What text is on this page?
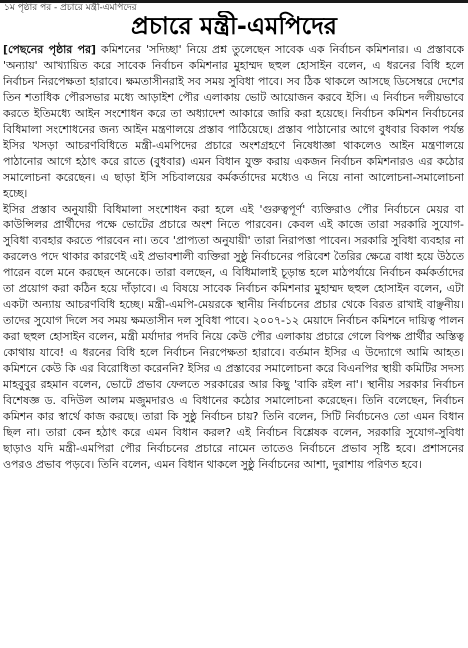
১ম পৃষ্ঠার পর - প্রচারে মন্ত্রী-এমপিদের
প্রচারে মন্ত্রী-এমপিদের

[পেছনের পৃষ্ঠার পর] কমিশনের 'সদিচ্ছা' নিয়ে প্রশ্ন তুলেছেন সাবেক এক নির্বাচন কমিশনার। এ প্রস্তাবকে 'অন্যায়' আখ্যায়িত করে সাবেক নির্বাচন কমিশনার মুহাম্মদ ছহুল হোসাইন বলেন, এ ধরনের বিধি হলে নির্বাচন নিরপেক্ষতা হারাবে। ক্ষমতাসীনরাই সব সময় সুবিধা পাবে। সব ঠিক থাকলে আসছে ডিসেম্বরে দেশের তিন শতাধিক পৌরসভার মধ্যে আড়াইশ পৌর এলাকায় ভোট আয়োজন করবে ইসি। এ নির্বাচন দলীয়ভাবে করতে ইতিমধ্যে আইন সংশোধন করে তা অধ্যাদেশ আকারে জারি করা হয়েছে। নির্বাচন কমিশন নির্বাচনের বিধিমালা সংশোধনের জন্য আইন মন্ত্রণালয়ে প্রস্তাব পাঠিয়েছে। প্রস্তাব পাঠানোর আগে বুধবার বিকাল পর্যন্ত ইসির খসড়া আচরণবিধিতে মন্ত্রী-এমপিদের প্রচারে অংশগ্রহণে নিষেধাজ্ঞা থাকলেও আইন মন্ত্রণালয়ে পাঠানোর আগে হঠাৎ করে রাতে (বুধবার) এমন বিধান যুক্ত করায় একজন নির্বাচন কমিশনারও এর কঠোর সমালোচনা করেছেন। এ ছাড়া ইসি সচিবালয়ের কর্মকর্তাদের মধ্যেও এ নিয়ে নানা আলোচনা-সমালোচনা হচ্ছে।

ইসির প্রস্তাব অনুযায়ী বিধিমালা সংশোধন করা হলে এই 'গুরুত্বপূর্ণ' ব্যক্তিরাও পৌর নির্বাচনে মেয়র বা কাউন্সিলর প্রার্থীদের পক্ষে ভোটের প্রচারে অংশ নিতে পারবেন। কেবল এই কাজে তারা সরকারি সুযোগ-সুবিধা ব্যবহার করতে পারবেন না। তবে 'প্রাপ্যতা অনুযায়ী' তারা নিরাপত্তা পাবেন। সরকারি সুবিধা ব্যবহার না করলেও পদে থাকার কারণেই এই প্রভাবশালী ব্যক্তিরা সুষ্ঠু নির্বাচনের পরিবেশ তৈরির ক্ষেত্রে বাধা হয়ে উঠতে পারেন বলে মনে করছেন অনেকে। তারা বলছেন, এ বিধিমালাই চূড়ান্ত হলে মাঠপর্যায়ে নির্বাচন কর্মকর্তাদের তা প্রয়োগ করা কঠিন হয়ে দাঁড়াবে। এ বিষয়ে সাবেক নির্বাচন কমিশনার মুহাম্মদ ছহুল হোসাইন বলেন, এটা একটা অন্যায় আচরণবিধি হচ্ছে। মন্ত্রী-এমপি-মেয়রকে স্থানীয় নির্বাচনের প্রচার থেকে বিরত রাখাই বাঞ্ছনীয়। তাদের সুযোগ দিলে সব সময় ক্ষমতাসীন দল সুবিধা পাবে। ২০০৭-১২ মেয়াদে নির্বাচন কমিশনে দায়িত্ব পালন করা ছহুল হোসাইন বলেন, মন্ত্রী মর্যাদার পদবি নিয়ে কেউ পৌর এলাকায় প্রচারে গেলে বিপক্ষ প্রার্থীর অস্তিত্ব কোথায় যাবে! এ ধরনের বিধি হলে নির্বাচন নিরপেক্ষতা হারাবে। বর্তমান ইসির এ উদ্যোগে আমি আহত। কমিশনে কেউ কি এর বিরোধিতা করেননি? ইসির এ প্রস্তাবের সমালোচনা করে বিএনপির স্থায়ী কমিটির সদস্য মাহবুবুর রহমান বলেন, ভোটে প্রভাব ফেলতে সরকারের আর কিছু 'বাকি রইল না'। স্থানীয় সরকার নির্বাচন বিশেষজ্ঞ ড. বদিউল আলম মজুমদারও এ বিধানের কঠোর সমালোচনা করেছেন। তিনি বলেছেন, নির্বাচন কমিশন কার স্বার্থে কাজ করছে। তারা কি সুষ্ঠু নির্বাচন চায়? তিনি বলেন, সিটি নির্বাচনেও তো এমন বিধান ছিল না। তারা কেন হঠাৎ করে এমন বিধান করল? এই নির্বাচন বিশ্লেষক বলেন, সরকারি সুযোগ-সুবিধা ছাড়াও যদি মন্ত্রী-এমপিরা পৌর নির্বাচনের প্রচারে নামেন তাতেও নির্বাচনে প্রভাব সৃষ্টি হবে। প্রশাসনের ওপরও প্রভাব পড়বে। তিনি বলেন, এমন বিধান থাকলে সুষ্ঠু নির্বাচনের আশা, দুরাশায় পরিণত হবে।
